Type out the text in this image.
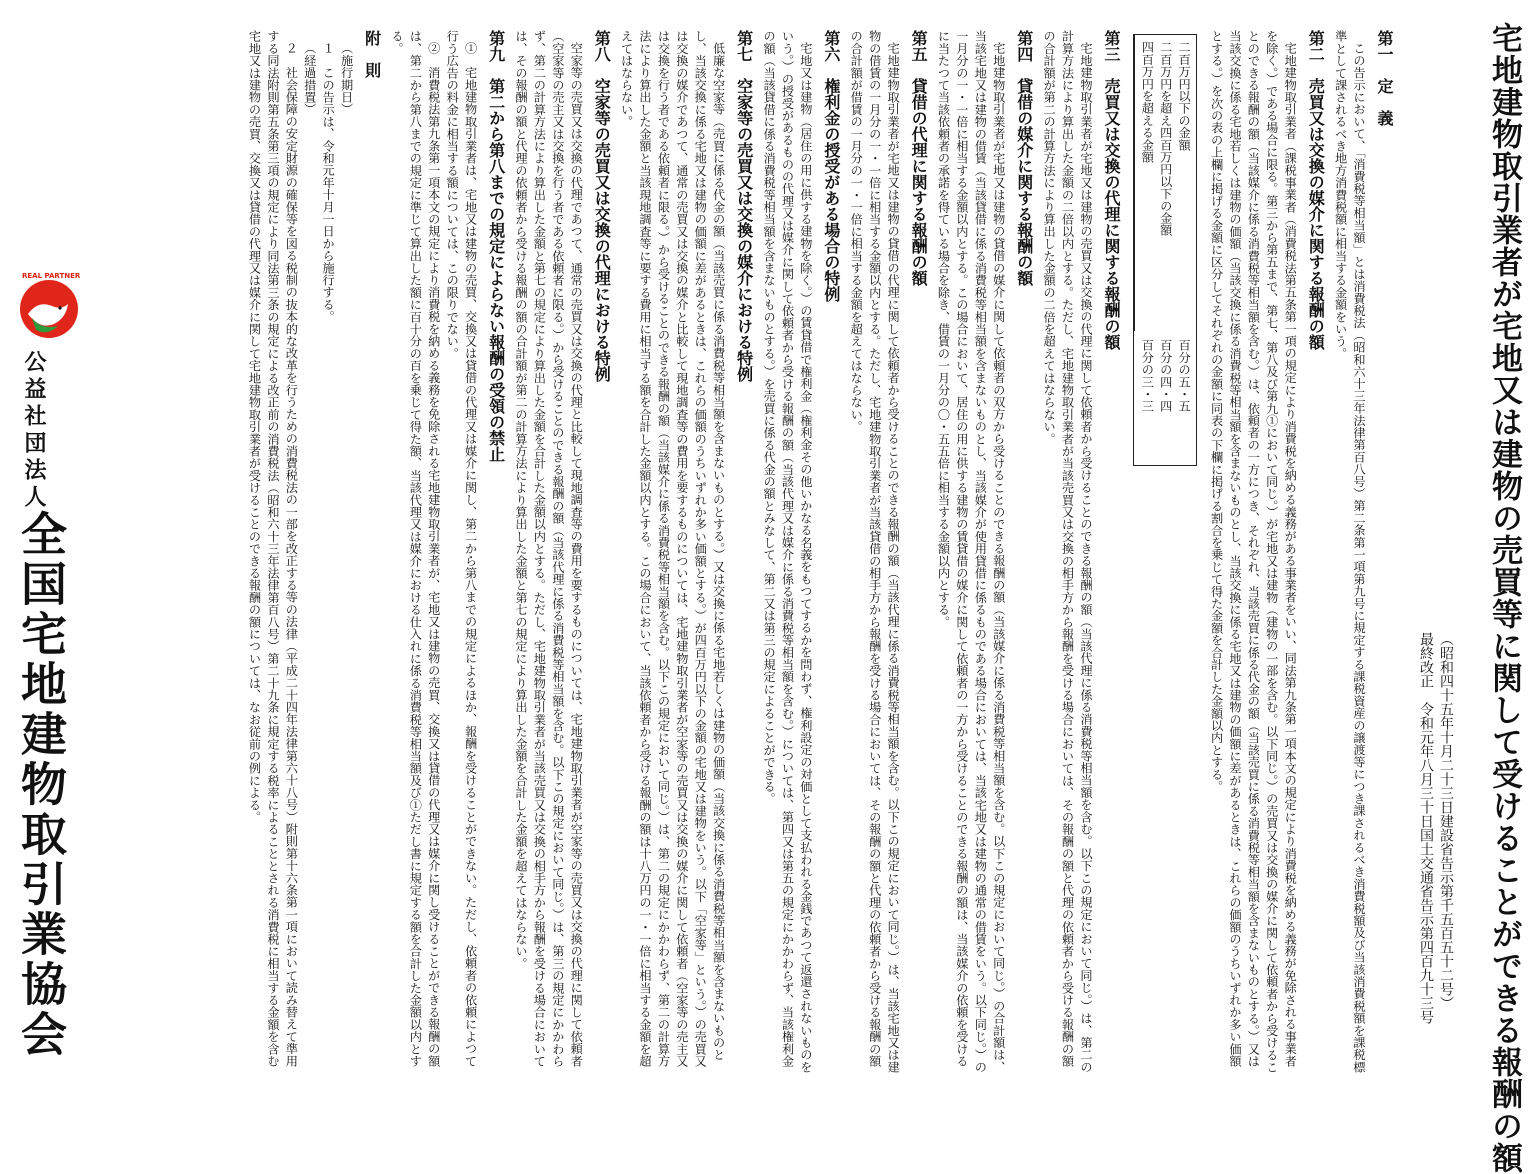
宅地建物取引業者が宅地又は建物の売買等に関して受けることができる報酬の額
（昭和四十五年十月二十三日建設省告示第千五百五十二号）
最終改正　令和元年八月三十日国土交通省告示第四百九十三号
第一　定　義

この告示において、「消費税等相当額」とは消費税法（昭和六十三年法律第百八号）第二条第一項第九号に規定する課税資産の譲渡等につき課されるべき消費税額及び当該消費税額を課税標準として課されるべき地方消費税額に相当する金額をいう。

第二　売買又は交換の媒介に関する報酬の額

宅地建物取引業者（課税事業者（消費税法第五条第一項の規定により消費税を納める義務がある事業者をいい、同法第九条第一項本文の規定により消費税を納める義務が免除される事業者を除く。）である場合に限る。第三から第五まで、第七、第八及び第九①において同じ。）が宅地又は建物（建物の一部を含む。以下同じ。）の売買又は交換の媒介に関して依頼者から受けることのできる報酬の額（当該媒介に係る消費税等相当額を含む。）は、依頼者の一方につき、それぞれ、当該売買に係る代金の額（当該売買に係る消費税等相当額を含まないものとする。）又は当該交換に係る宅地若しくは建物の価額（当該交換に係る消費税等相当額を含まないものとし、当該交換に係る宅地又は建物の価額に差があるときは、これらの価額のうちいずれか多い価額とする。）を次の表の上欄に掲げる金額に区分してそれぞれの金額に同表の下欄に掲げる割合を乗じて得た金額を合計した金額以内とする。

二百万円以下の金額
二百万円を超え四百万円以下の金額
四百万円を超える金額
百分の五・五
百分の四・四
百分の三・三
第三　売買又は交換の代理に関する報酬の額

宅地建物取引業者が宅地又は建物の売買又は交換の代理に関して依頼者から受けることのできる報酬の額（当該代理に係る消費税等相当額を含む。以下この規定において同じ。）は、第二の計算方法により算出した金額の二倍以内とする。ただし、宅地建物取引業者が当該売買又は交換の相手方から報酬を受ける場合においては、その報酬の額と代理の依頼者から受ける報酬の額の合計額が第二の計算方法により算出した金額の二倍を超えてはならない。

第四　貸借の媒介に関する報酬の額

宅地建物取引業者が宅地又は建物の貸借の媒介に関して依頼者の双方から受けることのできる報酬の額（当該媒介に係る消費税等相当額を含む。以下この規定において同じ。）の合計額は、当該宅地又は建物の借賃（当該貸借に係る消費税等相当額を含まないものとし、当該媒介が使用貸借に係るものである場合においては、当該宅地又は建物の通常の借賃をいう。以下同じ。）の一月分の一・一倍に相当する金額以内とする。この場合において、居住の用に供する建物の賃貸借の媒介に関して依頼者の一方から受けることのできる報酬の額は、当該媒介の依頼を受けるに当たつて当該依頼者の承諾を得ている場合を除き、借賃の一月分の〇・五五倍に相当する金額以内とする。

第五　貸借の代理に関する報酬の額

宅地建物取引業者が宅地又は建物の貸借の代理に関して依頼者から受けることのできる報酬の額（当該代理に係る消費税等相当額を含む。以下この規定において同じ。）は、当該宅地又は建物の借賃の一月分の一・一倍に相当する金額以内とする。ただし、宅地建物取引業者が当該貸借の相手方から報酬を受ける場合においては、その報酬の額と代理の依頼者から受ける報酬の額の合計額が借賃の一月分の一・一倍に相当する金額を超えてはならない。

第六　権利金の授受がある場合の特例

宅地又は建物（居住の用に供する建物を除く。）の賃貸借で権利金（権利金その他いかなる名義をもつてするかを問わず、権利設定の対価として支払われる金銭であつて返還されないものをいう。）の授受があるものの代理又は媒介に関して依頼者から受ける報酬の額（当該代理又は媒介に係る消費税等相当額を含む。）については、第四又は第五の規定にかかわらず、当該権利金の額（当該貸借に係る消費税等相当額を含まないものとする。）を売買に係る代金の額とみなして、第二又は第三の規定によることができる。

第七　空家等の売買又は交換の媒介における特例

低廉な空家等（売買に係る代金の額（当該売買に係る消費税等相当額を含まないものとする。）又は交換に係る宅地若しくは建物の価額（当該交換に係る消費税等相当額を含まないものとし、当該交換に係る宅地又は建物の価額に差があるときは、これらの価額のうちいずれか多い価額とする。）が四百万円以下の金額の宅地又は建物をいう。以下「空家等」という。）の売買又は交換の媒介であつて、通常の売買又は交換の媒介と比較して現地調査等の費用を要するものについては、宅地建物取引業者が空家等の売買又は交換の媒介に関して依頼者（空家等の売主又は交換を行う者である依頼者に限る。）から受けることのできる報酬の額（当該媒介に係る消費税等相当額を含む。以下この規定において同じ。）は、第二の規定にかかわらず、第二の計算方法により算出した金額と当該現地調査等に要する費用に相当する額を合計した金額以内とする。この場合において、当該依頼者から受ける報酬の額は十八万円の一・一倍に相当する金額を超えてはならない。

第八　空家等の売買又は交換の代理における特例

空家等の売買又は交換の代理であつて、通常の売買又は交換の代理と比較して現地調査等の費用を要するものについては、宅地建物取引業者が空家等の売買又は交換の代理に関して依頼者（空家等の売主又は交換を行う者である依頼者に限る。）から受けることのできる報酬の額（当該代理に係る消費税等相当額を含む。以下この規定において同じ。）は、第三の規定にかかわらず、第二の計算方法により算出した金額と第七の規定により算出した金額を合計した金額以内とする。ただし、宅地建物取引業者が当該売買又は交換の相手方から報酬を受ける場合においては、その報酬の額と代理の依頼者から受ける報酬の額の合計額が第二の計算方法により算出した金額と第七の規定により算出した金額を合計した金額を超えてはならない。

第九　第二から第八までの規定によらない報酬の受領の禁止

①　宅地建物取引業者は、宅地又は建物の売買、交換又は貸借の代理又は媒介に関し、第二から第八までの規定によるほか、報酬を受けることができない。ただし、依頼者の依頼によつて行う広告の料金に相当する額については、この限りでない。

②　消費税法第九条第一項本文の規定により消費税を納める義務を免除される宅地建物取引業者が、宅地又は建物の売買、交換又は貸借の代理又は媒介に関し受けることができる報酬の額は、第二から第八までの規定に準じて算出した額に百十分の百を乗じて得た額、当該代理又は媒介における仕入れに係る消費税等相当額及び①ただし書に規定する額を合計した金額以内とする。

附　則

（施行期日）

１　この告示は、令和元年十月一日から施行する。

（経過措置）

２　社会保障の安定財源の確保等を図る税制の抜本的な改革を行うための消費税法の一部を改正する等の法律（平成二十四年法律第六十八号）附則第十六条第一項において読み替えて準用する同法附則第五条第三項の規定により同法第三条の規定による改正前の消費税法（昭和六十三年法律第百八号）第二十九条に規定する税率によることとされる消費税に相当する金額を含む宅地又は建物の売買、交換又は貸借の代理又は媒介に関して宅地建物取引業者が受けることのできる報酬の額については、なお従前の例による。

REAL PARTNER
公益社団法人
全国宅地建物取引業協会
